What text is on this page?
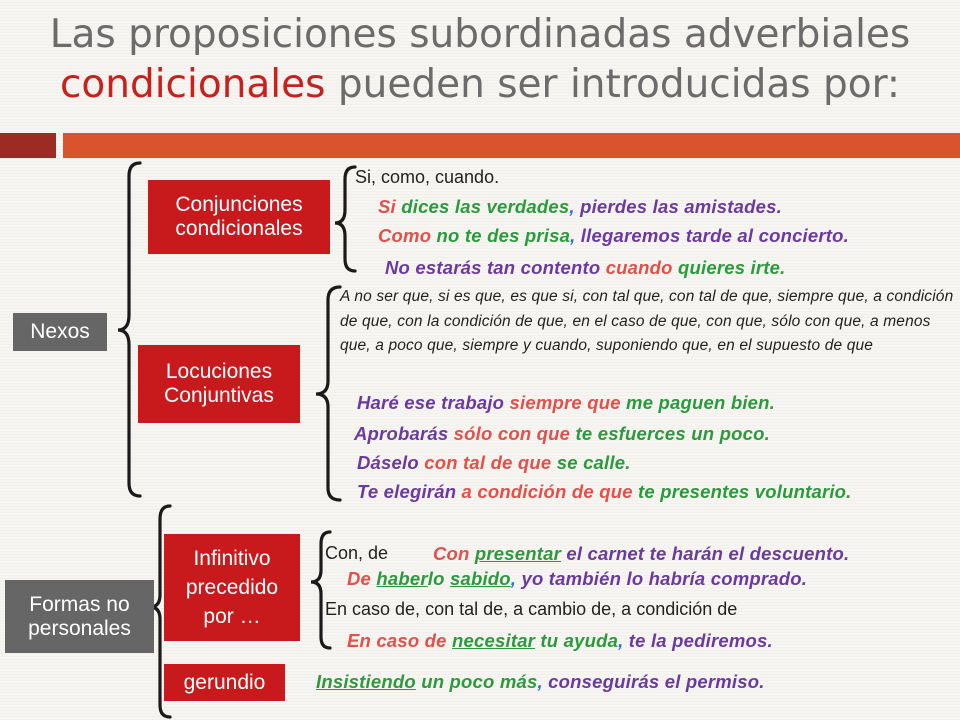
Las proposiciones subordinadas adverbiales
condicionales pueden ser introducidas por:
Nexos
Conjunciones
condicionales
Si, como, cuando.
Si dices las verdades, pierdes las amistades.
Como no te des prisa, llegaremos tarde al concierto.
No estarás tan contento cuando quieres irte.
Locuciones
Conjuntivas
A no ser que, si es que, es que si, con tal que, con tal de que, siempre que, a condición de que, con la condición de que, en el caso de que, con que, sólo con que, a menos que, a poco que, siempre y cuando, suponiendo que, en el supuesto de que
Haré ese trabajo siempre que me paguen bien.
Aprobarás sólo con que te esfuerces un poco.
Dáselo con tal de que se calle.
Te elegirán a condición de que te presentes voluntario.
Formas no
personales
Infinitivo
precedido
por …
Con, de Con presentar el carnet te harán el descuento.
De haberlo sabido, yo también lo habría comprado.
En caso de, con tal de, a cambio de, a condición de
En caso de necesitar tu ayuda, te la pediremos.
gerundio	Insistiendo un poco más, conseguirás el permiso.
